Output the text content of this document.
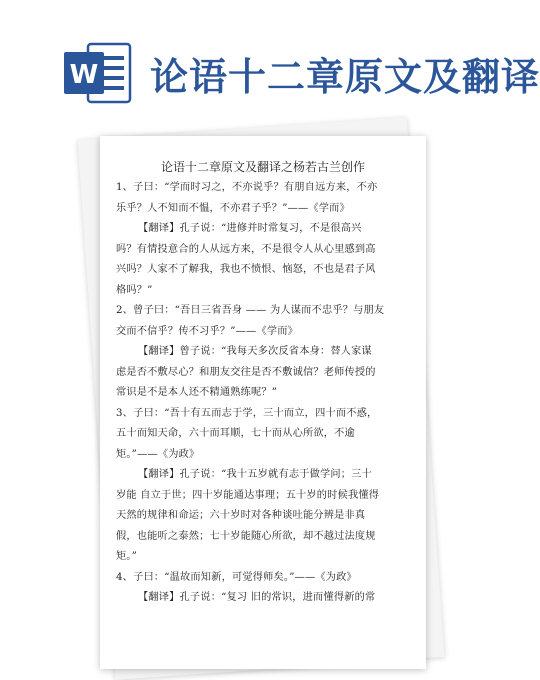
W 论语十二章原文及翻译
论语十二章原文及翻译之杨若古兰创作

1、子曰：“学而时习之，不亦说乎？有朋自远方来，不亦

乐乎？人不知而不愠，不亦君子乎？”——《学而》

【翻译】孔子说：“进修并时常复习，不是很高兴

吗？有情投意合的人从远方来，不是很令人从心里感到高

兴吗？人家不了解我，我也不愤恨、恼怒，不也是君子风

格吗？”

2、曾子曰：“吾日三省吾身 —— 为人谋而不忠乎？与朋友

交而不信乎？传不习乎？”——《学而》

【翻译】曾子说：“我每天多次反省本身：替人家谋

虑是否不敷尽心？和朋友交往是否不敷诚信？老师传授的

常识是不是本人还不精通熟练呢？”

3、子曰：“吾十有五而志于学，三十而立，四十而不惑，

五十而知天命，六十而耳顺，七十而从心所欲，不逾

矩。”——《为政》

【翻译】孔子说：“我十五岁就有志于做学问；三十

岁能 自立于世；四十岁能通达事理；五十岁的时候我懂得

天然的规律和命运；六十岁时对各种谈吐能分辨是非真

假，也能听之泰然；七十岁能随心所欲，却不越过法度规

矩。”

4、子曰：“温故而知新，可觉得师矣。”——《为政》

【翻译】孔子说：“复习 旧的常识，进而懂得新的常
